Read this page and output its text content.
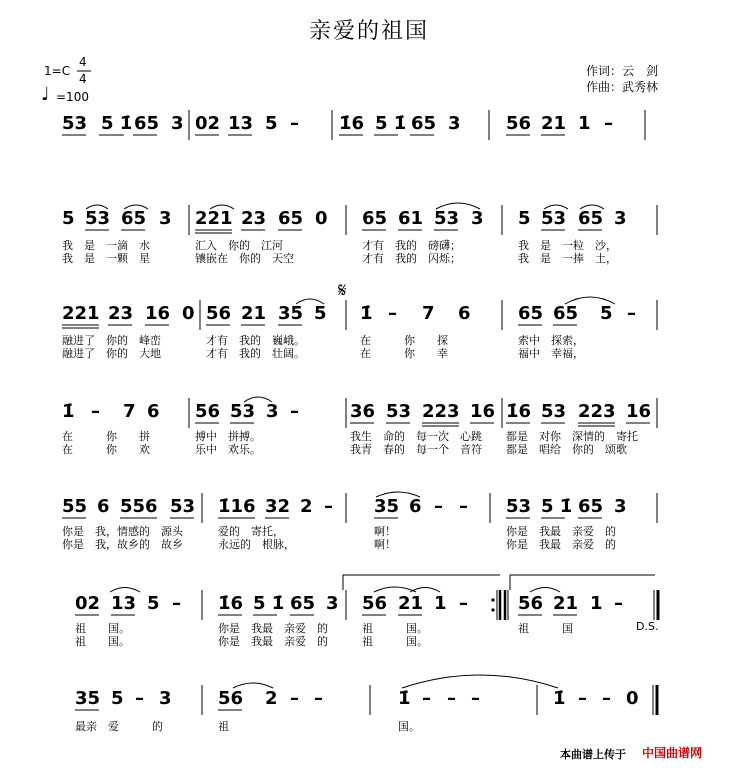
亲爱的祖国
1=C
4
4
♩ =100
作词：云　剑
作曲：武秀林
𝄋
53 5 1̇ 65 3 02 13 5 – 1̇6 5 1̇ 65 3	56 21 1 –
5 53 65 3 221 23 65 0 65 61 53 3 5 53 65 3
我　是　一滴　水	汇入　你的　江河	才有　我的　磅礴；	我　是　一粒　沙，
我　是　一颗　星	镶嵌在　你的　天空	才有　我的　闪烁；	我　是　一捧　土，
221 23 16 0 56 21 35 5 1̇ – 7 6	65 65 5 –
融进了　你的　峰峦	才有　我的　巍峨。	在　　　你　　探	索中　探索，
融进了　你的　大地	才有　我的　壮阔。	在　　　你　　幸	福中　幸福，
1̇ – 7 6 56 53 3 –	36 53 223 16 1̇6 53 223 16
在　　　你　　拼	搏中　拼搏。	我生　命的　每一次　心跳 都是　对你　深情的　寄托
在　　　你　　欢	乐中　欢乐。	我青　春的　每一个　音符 都是　唱给　你的　颂歌
55 6 556 53 1̇16 32 2 – 35 6 – – 53 5 1̇ 65 3
你是　我，情感的　源头	爱的　寄托，	啊！	你是　我最　亲爱　的
你是　我，故乡的　故乡	永远的　根脉，	啊！	你是　我最　亲爱　的
02 13 5 – 1̇6 5 1̇ 65 3 56 21 1 –	56 21 1 –
祖　　国。	你是　我最　亲爱　的	祖　　　国。	祖　　　国	D.S.
祖　　国。	你是　我最　亲爱　的	祖　　　国。
35 5 – 3	56 2 – –	1̇ – – –	1̇ – – 0
最亲　爱　　　的	祖	国。
本曲谱上传于 中国曲谱网
